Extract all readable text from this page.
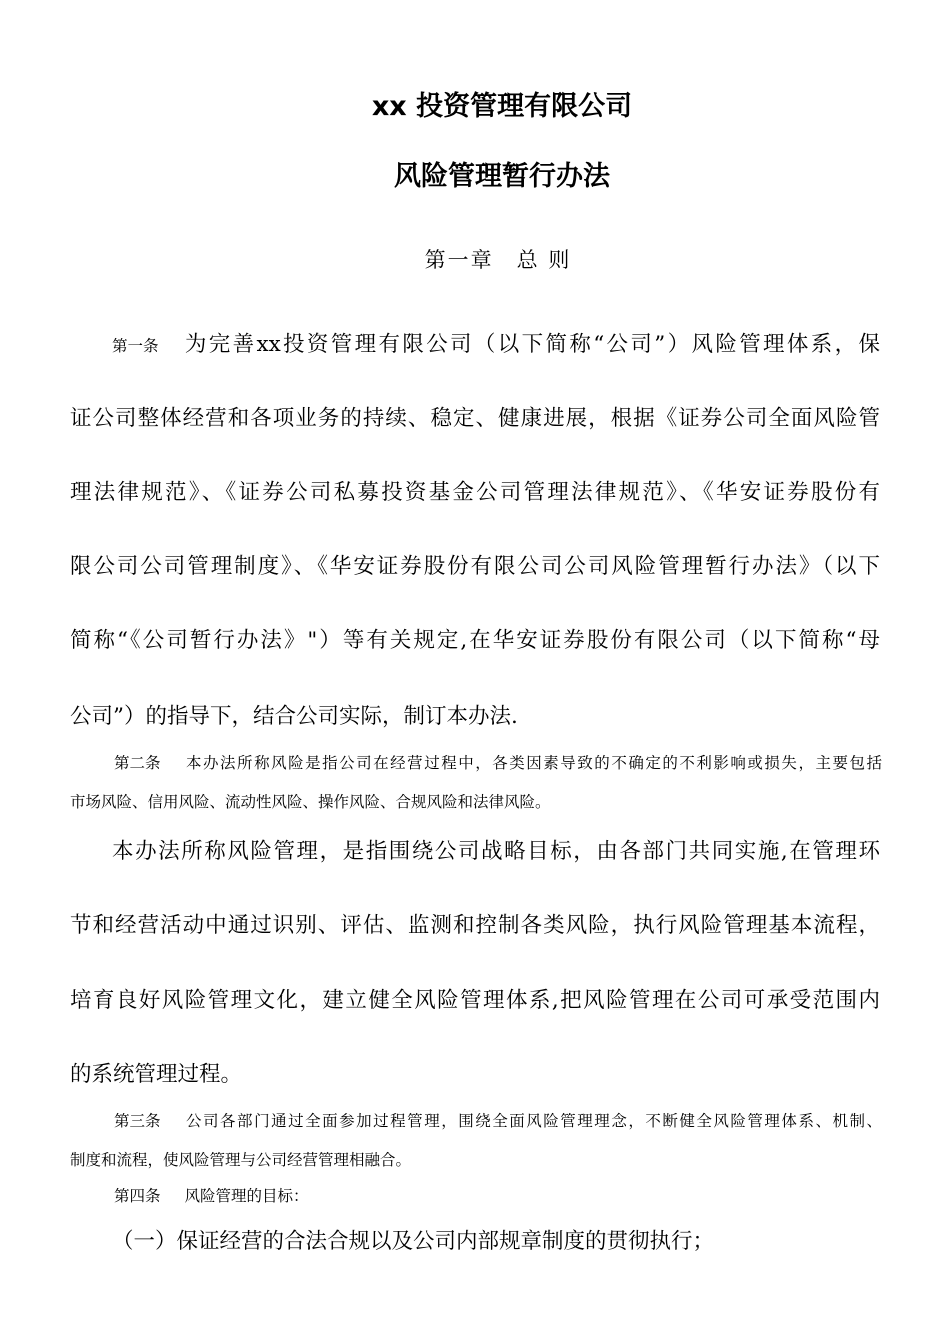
xx 投资管理有限公司
风险管理暂行办法
第一章　总 则
第一条 为完善xx投资管理有限公司（以下简称“公司”）风险管理体系，保
证公司整体经营和各项业务的持续、稳定、健康进展，根据《证券公司全面风险管
理法律规范》、《证券公司私募投资基金公司管理法律规范》、《华安证券股份有
限公司公司管理制度》、《华安证券股份有限公司公司风险管理暂行办法》（以下
简称“《公司暂行办法》"）等有关规定,在华安证券股份有限公司（以下简称“母
公司”）的指导下，结合公司实际，制订本办法.
第二条 本办法所称风险是指公司在经营过程中，各类因素导致的不确定的不利影响或损失，主要包括
市场风险、信用风险、流动性风险、操作风险、合规风险和法律风险。
本办法所称风险管理，是指围绕公司战略目标，由各部门共同实施,在管理环
节和经营活动中通过识别、评估、监测和控制各类风险，执行风险管理基本流程，
培育良好风险管理文化，建立健全风险管理体系,把风险管理在公司可承受范围内
的系统管理过程。
第三条 公司各部门通过全面参加过程管理，围绕全面风险管理理念，不断健全风险管理体系、机制、
制度和流程，使风险管理与公司经营管理相融合。
第四条 风险管理的目标：
（一）保证经营的合法合规以及公司内部规章制度的贯彻执行；
